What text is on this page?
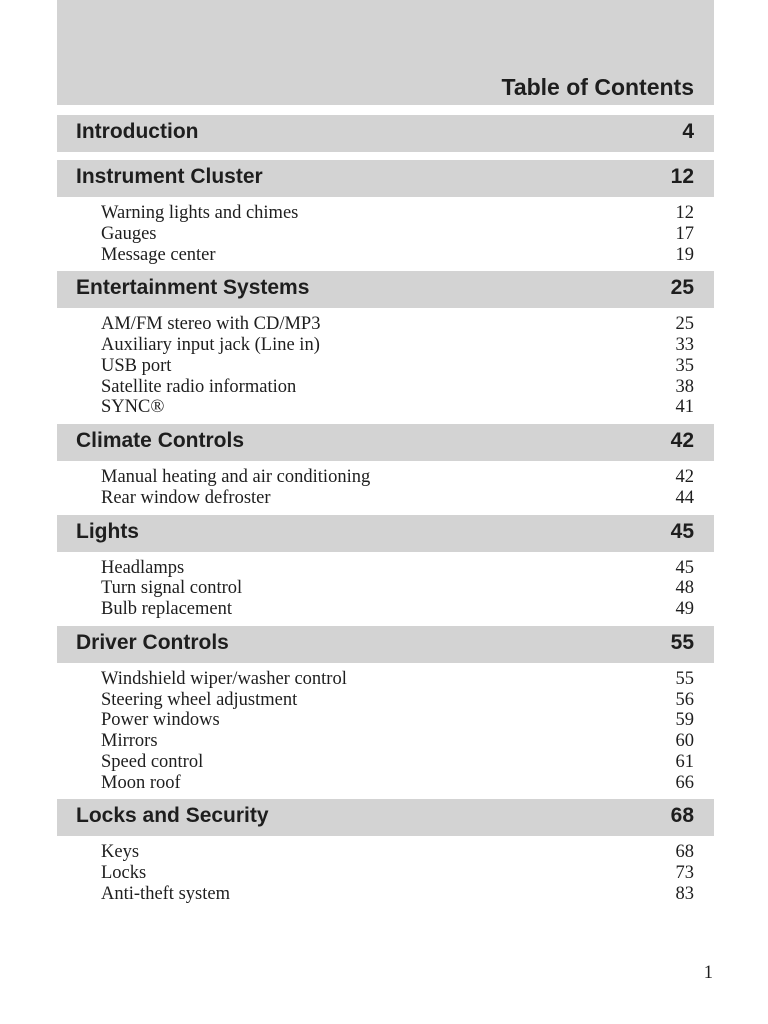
Table of Contents
Introduction	4
Instrument Cluster	12
Warning lights and chimes	12
Gauges	17
Message center	19
Entertainment Systems	25
AM/FM stereo with CD/MP3	25
Auxiliary input jack (Line in)	33
USB port	35
Satellite radio information	38
SYNC®	41
Climate Controls	42
Manual heating and air conditioning	42
Rear window defroster	44
Lights	45
Headlamps	45
Turn signal control	48
Bulb replacement	49
Driver Controls	55
Windshield wiper/washer control	55
Steering wheel adjustment	56
Power windows	59
Mirrors	60
Speed control	61
Moon roof	66
Locks and Security	68
Keys	68
Locks	73
Anti-theft system	83
1
